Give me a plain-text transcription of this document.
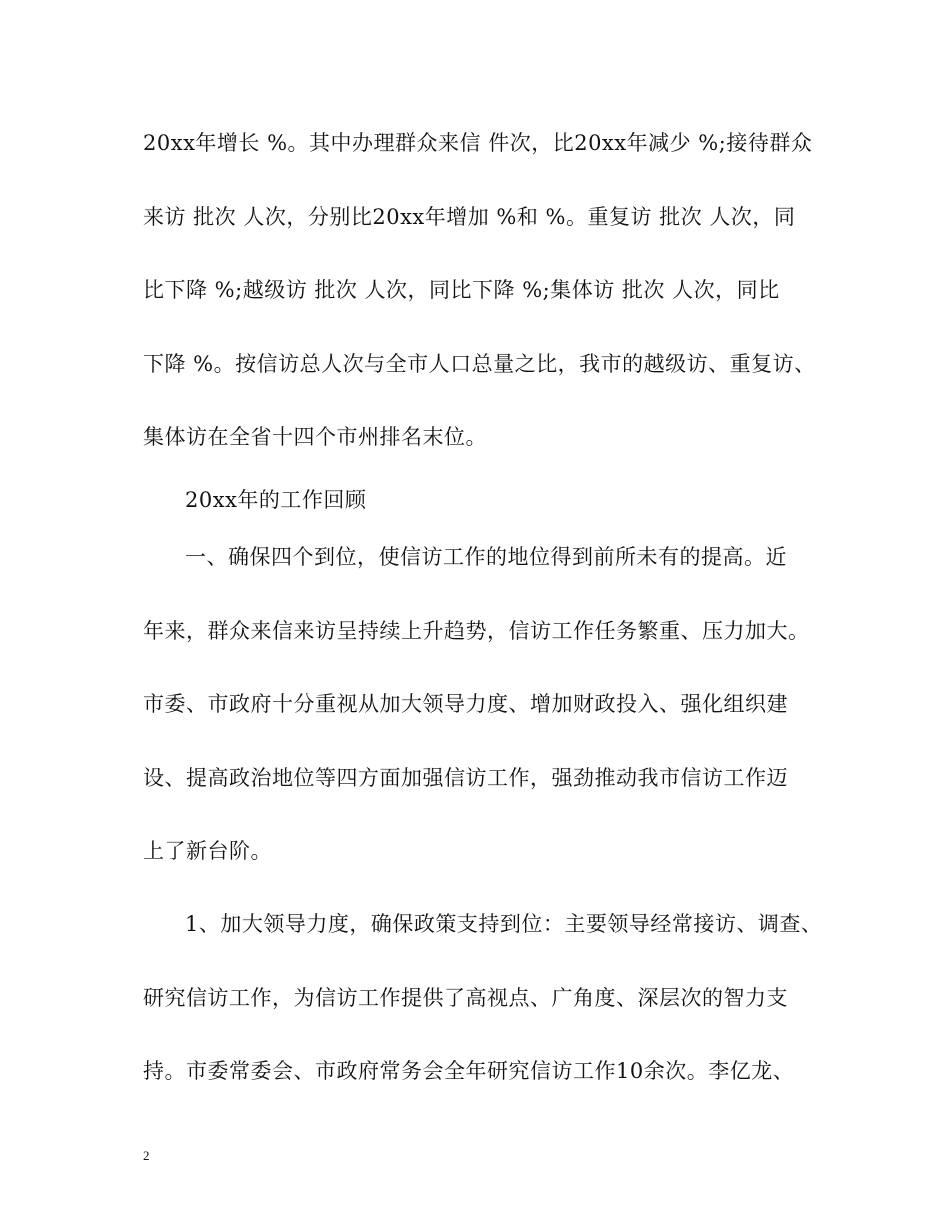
20xx年增长 %。其中办理群众来信 件次，比20xx年减少 %;接待群众
来访 批次 人次，分别比20xx年增加 %和 %。重复访 批次 人次，同
比下降 %;越级访 批次 人次，同比下降 %;集体访 批次 人次，同比
下降 %。按信访总人次与全市人口总量之比，我市的越级访、重复访、
集体访在全省十四个市州排名末位。
20xx年的工作回顾
一、确保四个到位，使信访工作的地位得到前所未有的提高。近
年来，群众来信来访呈持续上升趋势，信访工作任务繁重、压力加大。
市委、市政府十分重视从加大领导力度、增加财政投入、强化组织建
设、提高政治地位等四方面加强信访工作，强劲推动我市信访工作迈
上了新台阶。
1、加大领导力度，确保政策支持到位：主要领导经常接访、调查、
研究信访工作，为信访工作提供了高视点、广角度、深层次的智力支
持。市委常委会、市政府常务会全年研究信访工作10余次。李亿龙、
2
